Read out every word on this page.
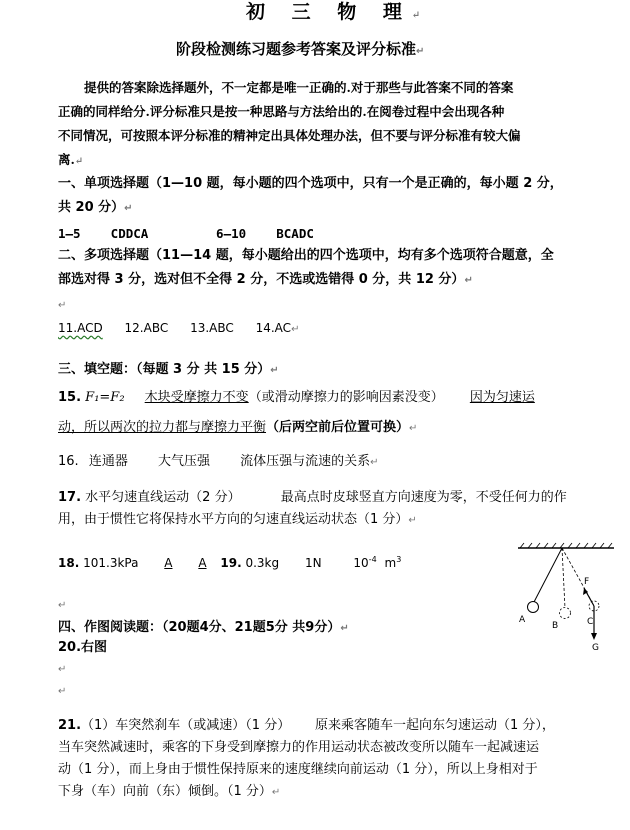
初 三 物 理↵
阶段检测练习题参考答案及评分标准↵
提供的答案除选择题外，不一定都是唯一正确的.对于那些与此答案不同的答案
正确的同样给分.评分标准只是按一种思路与方法给出的.在阅卷过程中会出现各种
不同情况，可按照本评分标准的精神定出具体处理办法，但不要与评分标准有较大偏
离.↵
一、单项选择题（1—10 题，每小题的四个选项中，只有一个是正确的，每小题 2 分，
共 20 分）↵
1—5    CDDCA         6—10    BCADC
二、多项选择题（11—14 题，每小题给出的四个选项中，均有多个选项符合题意，全
部选对得 3 分，选对但不全得 2 分，不选或选错得 0 分，共 12 分）↵
↵
11.ACD 12.ABC 13.ABC 14.AC↵
三、填空题：（每题 3 分 共 15 分）↵
15. F₁=F₂ 木块受摩擦力不变（或滑动摩擦力的影响因素没变） 因为匀速运
动，所以两次的拉力都与摩擦力平衡（后两空前后位置可换）↵
16. 连通器 大气压强 流体压强与流速的关系↵
17. 水平匀速直线运动（2 分）	最高点时皮球竖直方向速度为零，不受任何力的作
用，由于惯性它将保持水平方向的匀速直线运动状态（1 分）↵
18. 101.3kPa A A 19. 0.3kg 1N	$10^{-4}$ $m^3$
↵
A
B	C
F
G
四、作图阅读题：（20题4分、21题5分 共9分）↵
20.右图
↵
↵
21.（1）车突然刹车（或减速）（1 分）      原来乘客随车一起向东匀速运动（1 分），
当车突然减速时，乘客的下身受到摩擦力的作用运动状态被改变所以随车一起减速运
动（1 分），而上身由于惯性保持原来的速度继续向前运动（1 分），所以上身相对于
下身（车）向前（东）倾倒。（1 分）↵
